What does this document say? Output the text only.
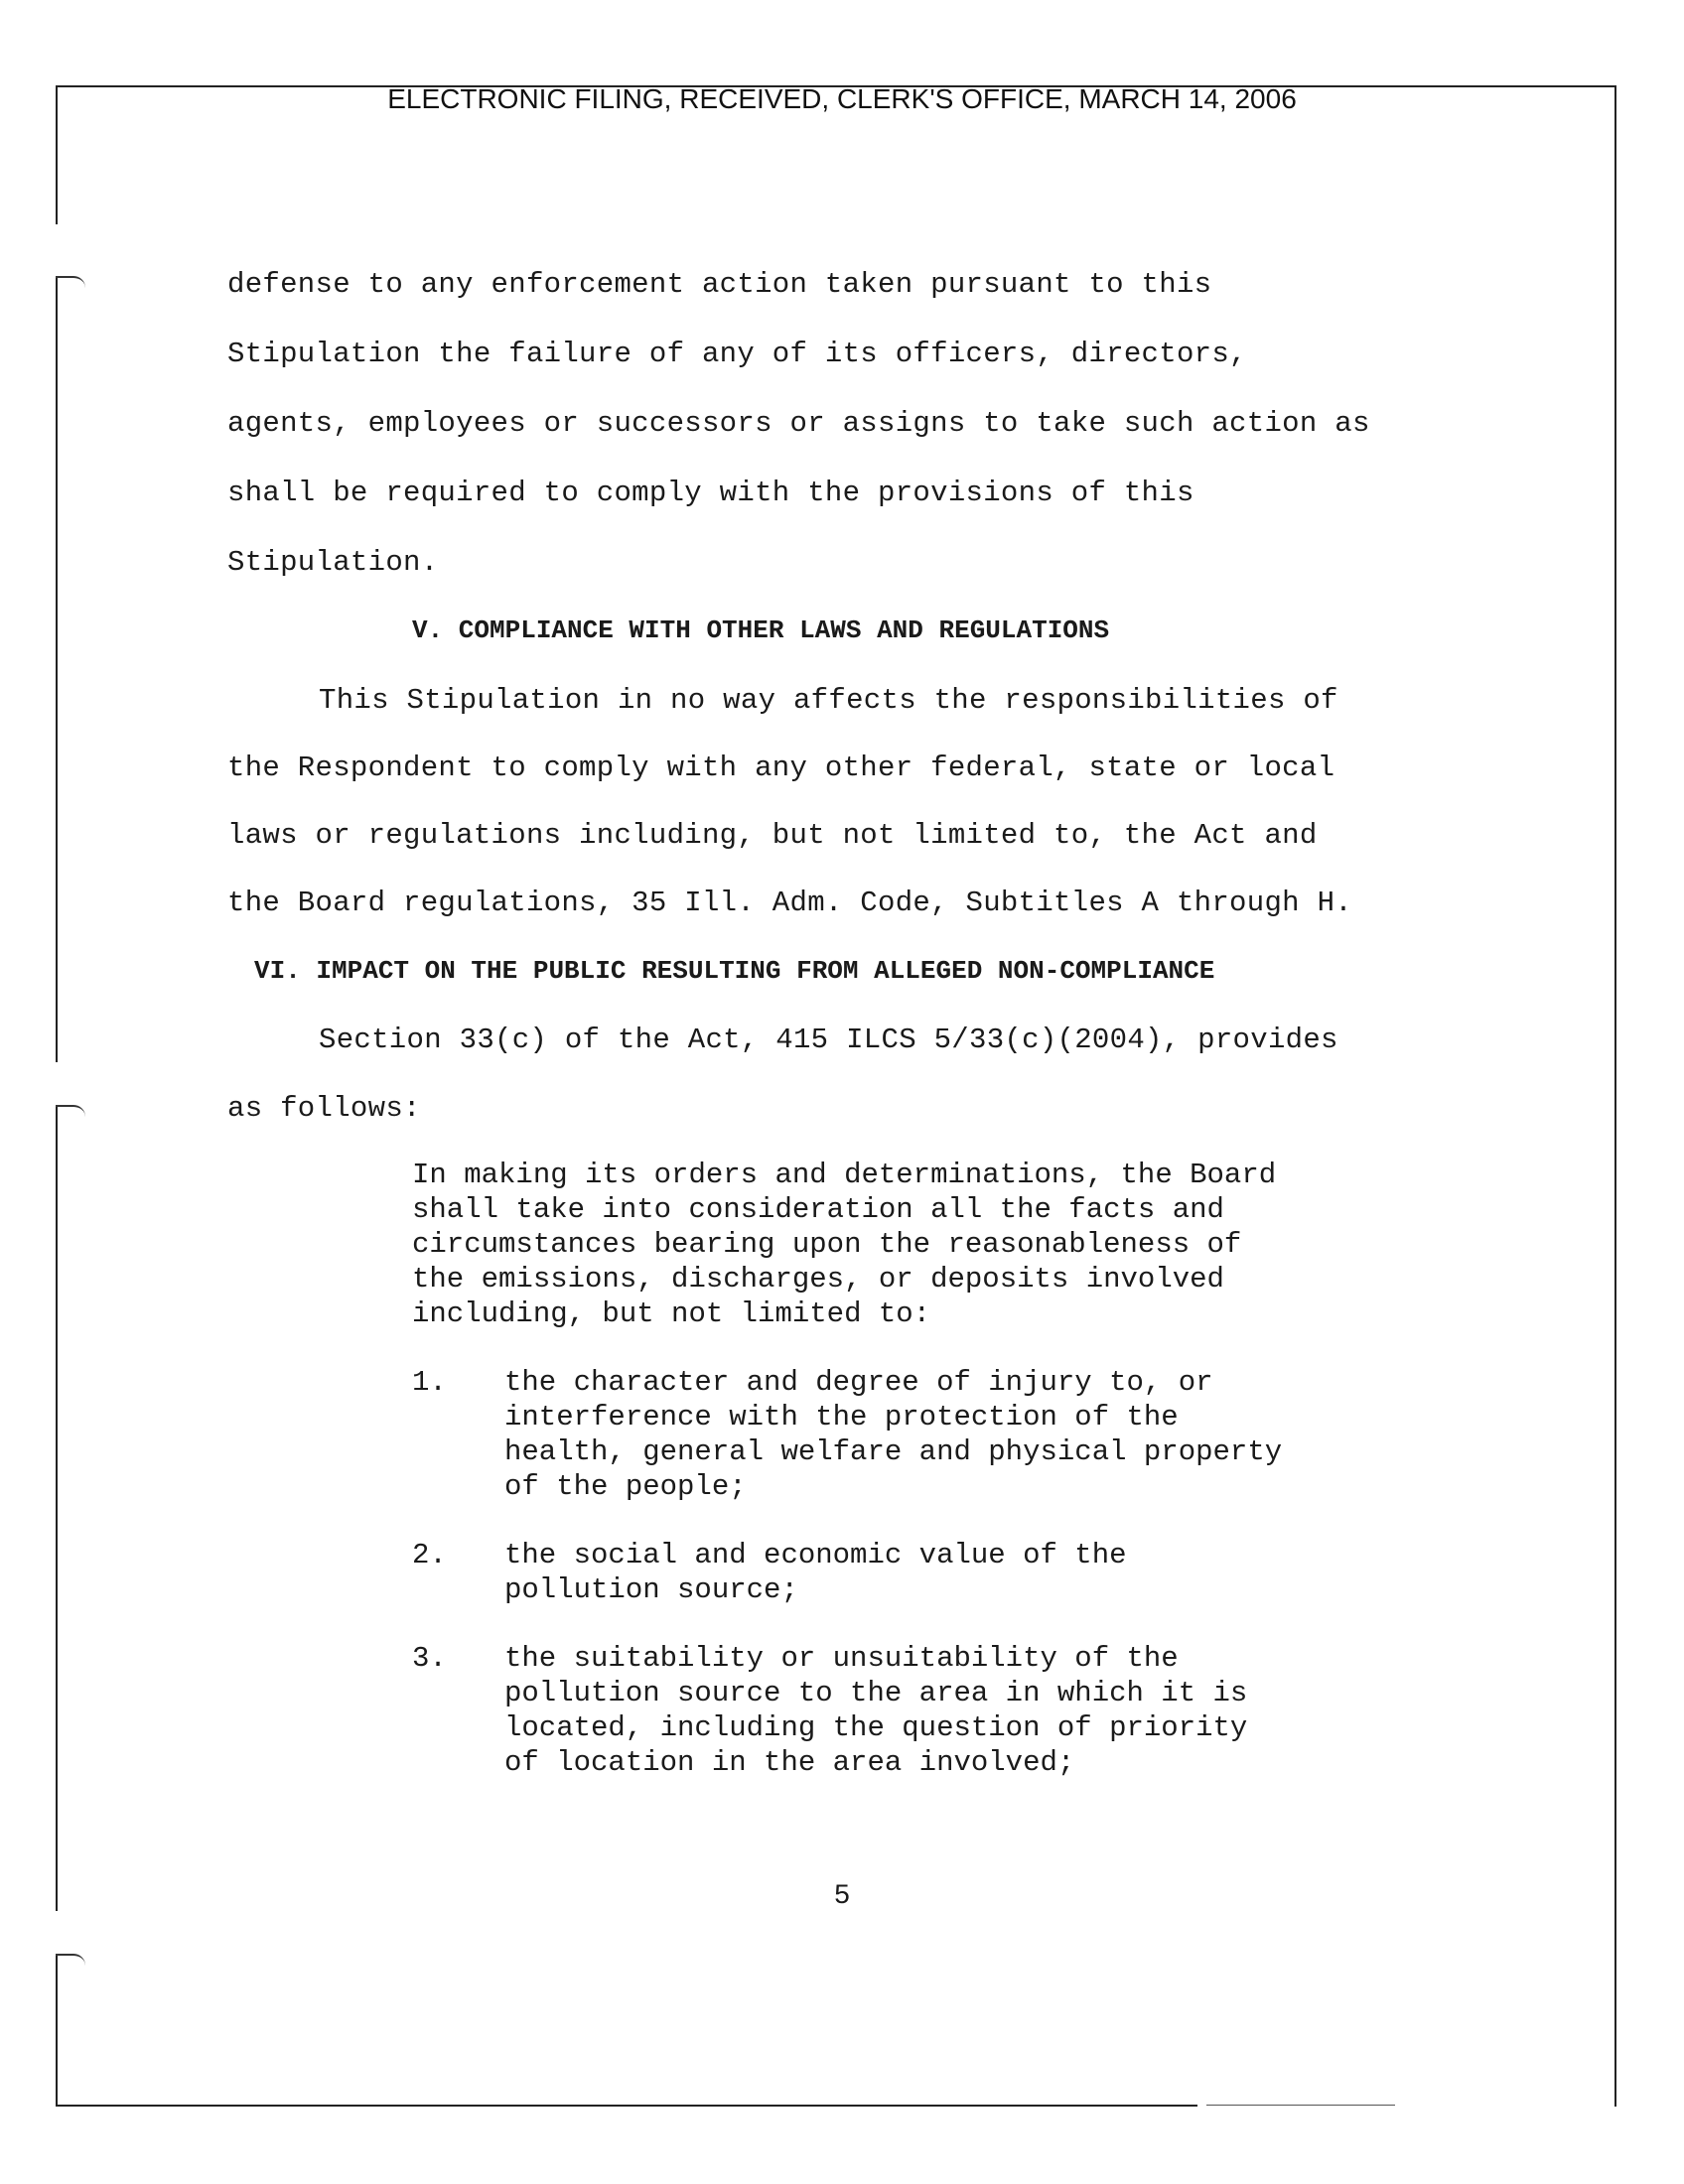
ELECTRONIC FILING, RECEIVED, CLERK'S OFFICE, MARCH 14, 2006
defense to any enforcement action taken pursuant to this
Stipulation the failure of any of its officers, directors,
agents, employees or successors or assigns to take such action as
shall be required to comply with the provisions of this
Stipulation.
V. COMPLIANCE WITH OTHER LAWS AND REGULATIONS
This Stipulation in no way affects the responsibilities of
the Respondent to comply with any other federal, state or local
laws or regulations including, but not limited to, the Act and
the Board regulations, 35 Ill. Adm. Code, Subtitles A through H.
VI. IMPACT ON THE PUBLIC RESULTING FROM ALLEGED NON-COMPLIANCE
Section 33(c) of the Act, 415 ILCS 5/33(c)(2004), provides
as follows:
In making its orders and determinations, the Board
shall take into consideration all the facts and
circumstances bearing upon the reasonableness of
the emissions, discharges, or deposits involved
including, but not limited to:
1. the character and degree of injury to, or
interference with the protection of the
health, general welfare and physical property
of the people;
2. the social and economic value of the
pollution source;
3. the suitability or unsuitability of the
pollution source to the area in which it is
located, including the question of priority
of location in the area involved;
5
